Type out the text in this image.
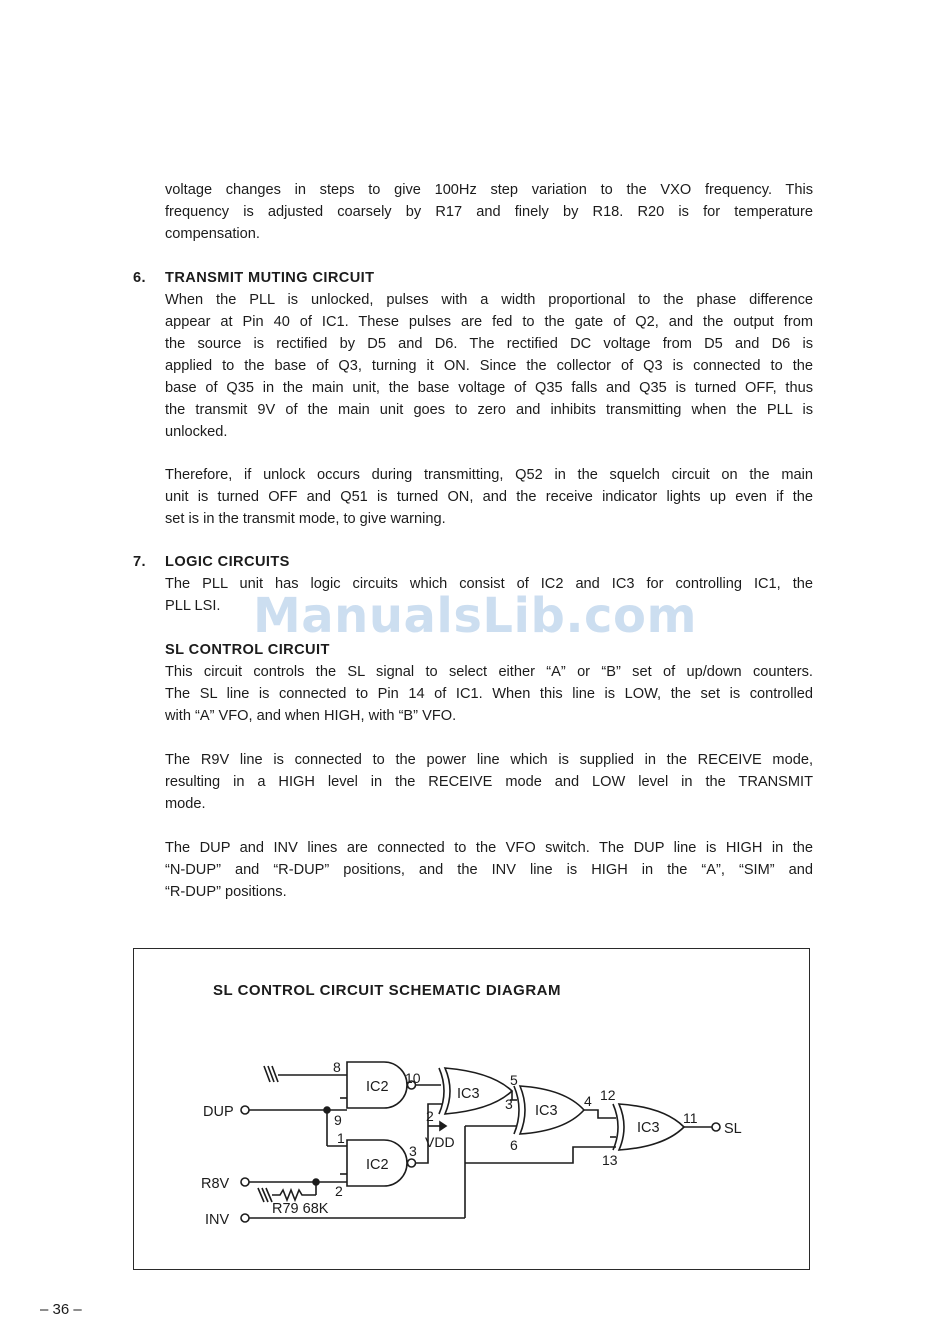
voltage changes in steps to give 100Hz step variation to the VXO frequency. This
frequency is adjusted coarsely by R17 and finely by R18. R20 is for temperature
compensation.

6. TRANSMIT MUTING CIRCUIT

When the PLL is unlocked, pulses with a width proportional to the phase difference
appear at Pin 40 of IC1. These pulses are fed to the gate of Q2, and the output from
the source is rectified by D5 and D6. The rectified DC voltage from D5 and D6 is
applied to the base of Q3, turning it ON. Since the collector of Q3 is connected to the
base of Q35 in the main unit, the base voltage of Q35 falls and Q35 is turned OFF, thus
the transmit 9V of the main unit goes to zero and inhibits transmitting when the PLL is
unlocked.

Therefore, if unlock occurs during transmitting, Q52 in the squelch circuit on the main
unit is turned OFF and Q51 is turned ON, and the receive indicator lights up even if the
set is in the transmit mode, to give warning.

7. LOGIC CIRCUITS

The PLL unit has logic circuits which consist of IC2 and IC3 for controlling IC1, the
PLL LSI. ManualsLib.com
SL CONTROL CIRCUIT

This circuit controls the SL signal to select either “A” or “B” set of up/down counters.
The SL line is connected to Pin 14 of IC1. When this line is LOW, the set is controlled
with “A” VFO, and when HIGH, with “B” VFO.

The R9V line is connected to the power line which is supplied in the RECEIVE mode,
resulting in a HIGH level in the RECEIVE mode and LOW level in the TRANSMIT
mode.

The DUP and INV lines are connected to the VFO switch. The DUP line is HIGH in the
“N-DUP” and “R-DUP” positions, and the INV line is HIGH in the “A”, “SIM” and
“R-DUP” positions.

SL CONTROL CIRCUIT SCHEMATIC DIAGRAM
IC2
IC2
IC3
IC3
IC3
8
9
10
1
2
3
2
5
3
6
4 12
13
11
VDD
DUP
R8V
INV
R79 68K
SL
– 36 –
